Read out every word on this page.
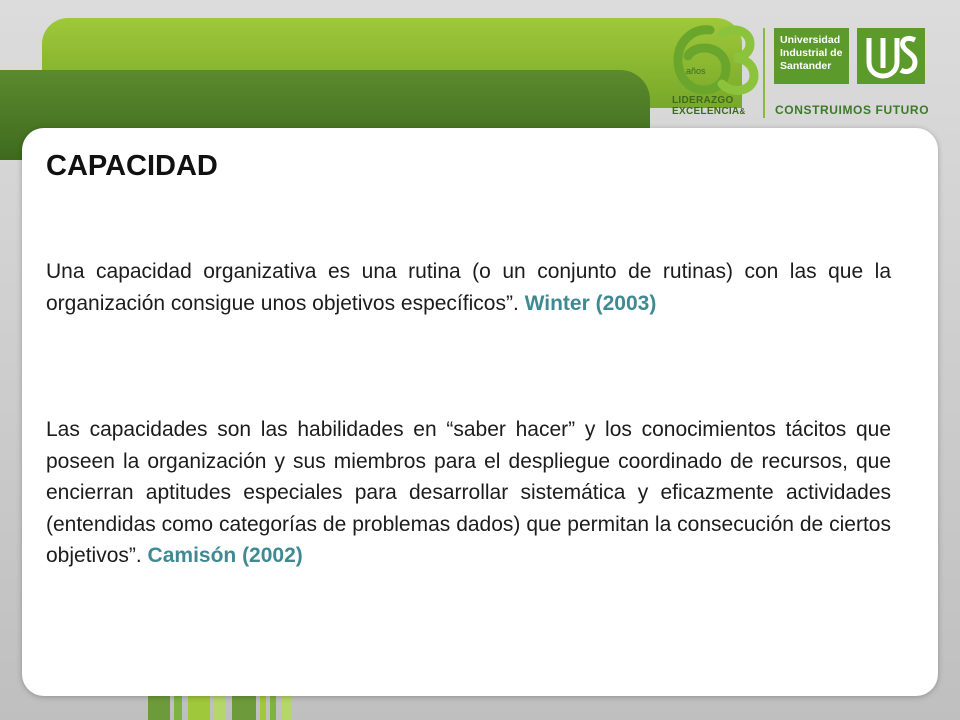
años
LIDERAZGO
EXCELENCIA&
Universidad
Industrial de
Santander
CONSTRUIMOS FUTURO
CAPACIDAD

Una capacidad organizativa es una rutina (o un conjunto de rutinas) con las que la organización consigue unos objetivos específicos”. Winter (2003)

Las capacidades son las habilidades en “saber hacer” y los conocimientos tácitos que poseen la organización y sus miembros para el despliegue coordinado de recursos, que encierran aptitudes especiales para desarrollar sistemática y eficazmente actividades (entendidas como categorías de problemas dados) que permitan la consecución de ciertos objetivos”. Camisón (2002)
